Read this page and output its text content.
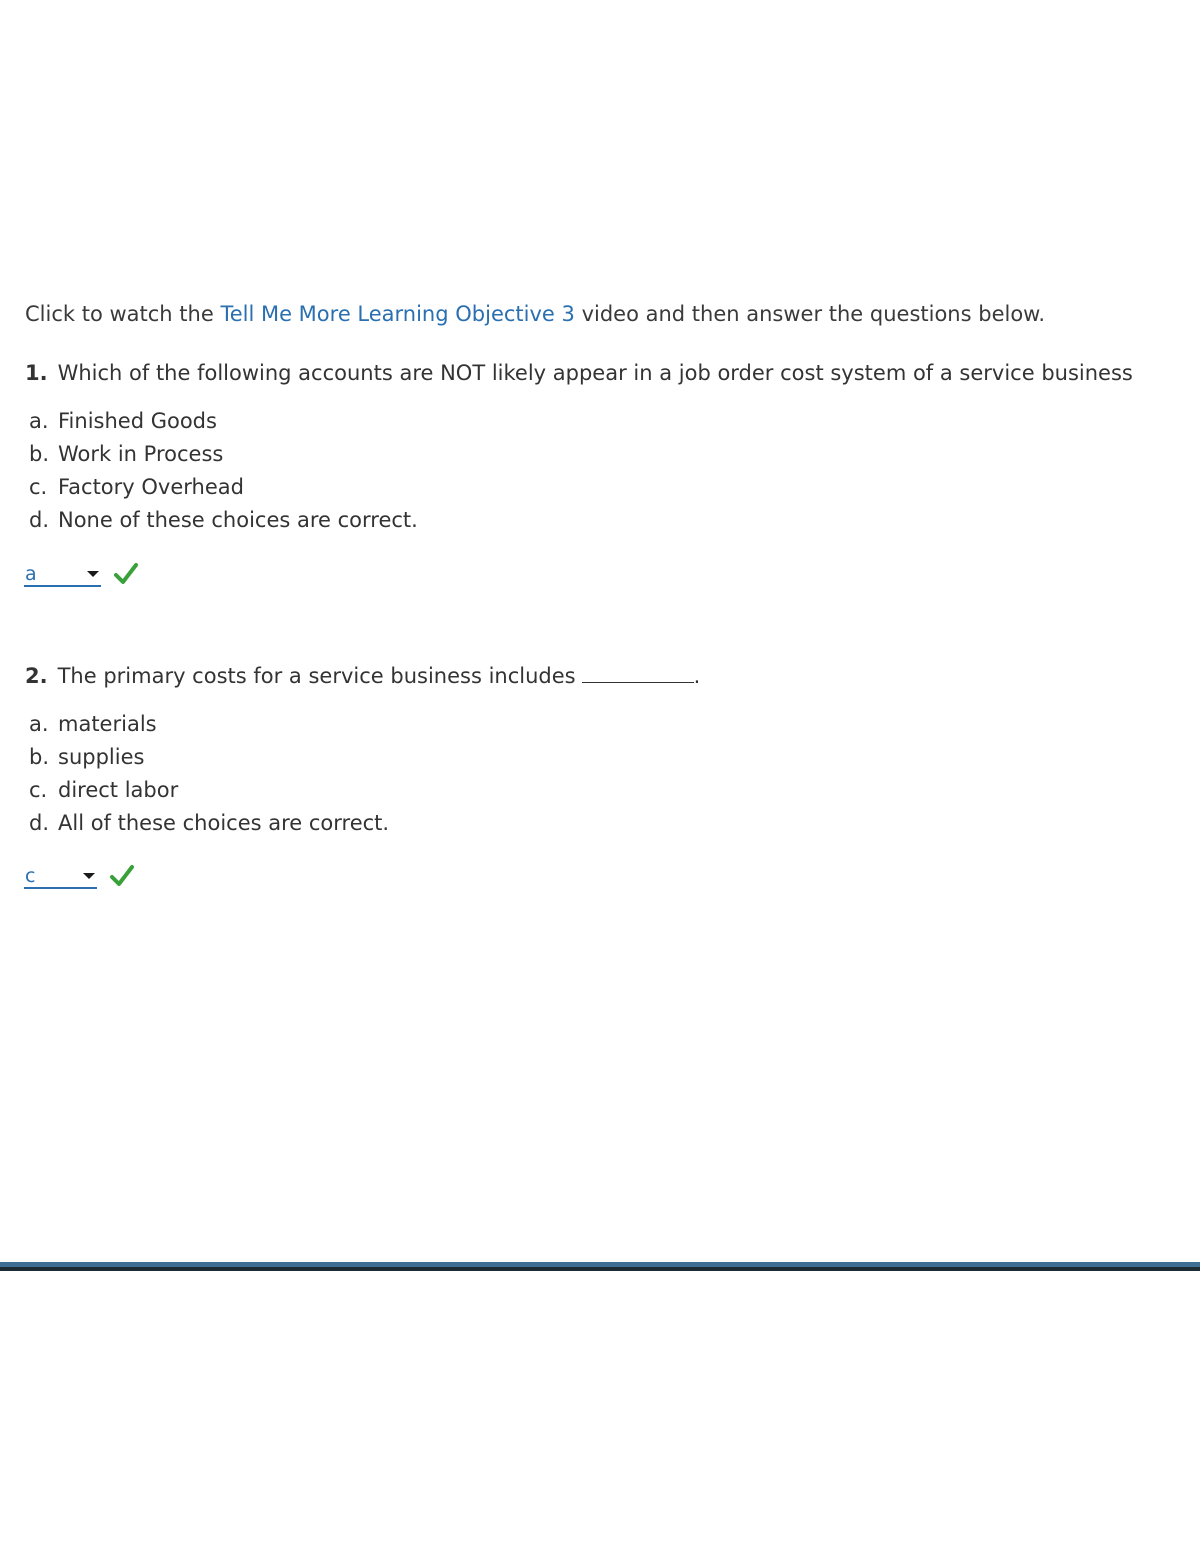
Click to watch the Tell Me More Learning Objective 3 video and then answer the questions below.
1. Which of the following accounts are NOT likely appear in a job order cost system of a service business
a. Finished Goods
b. Work in Process
c. Factory Overhead
d. None of these choices are correct.
a
2. The primary costs for a service business includes	.
a. materials
b. supplies
c. direct labor
d. All of these choices are correct.
c
